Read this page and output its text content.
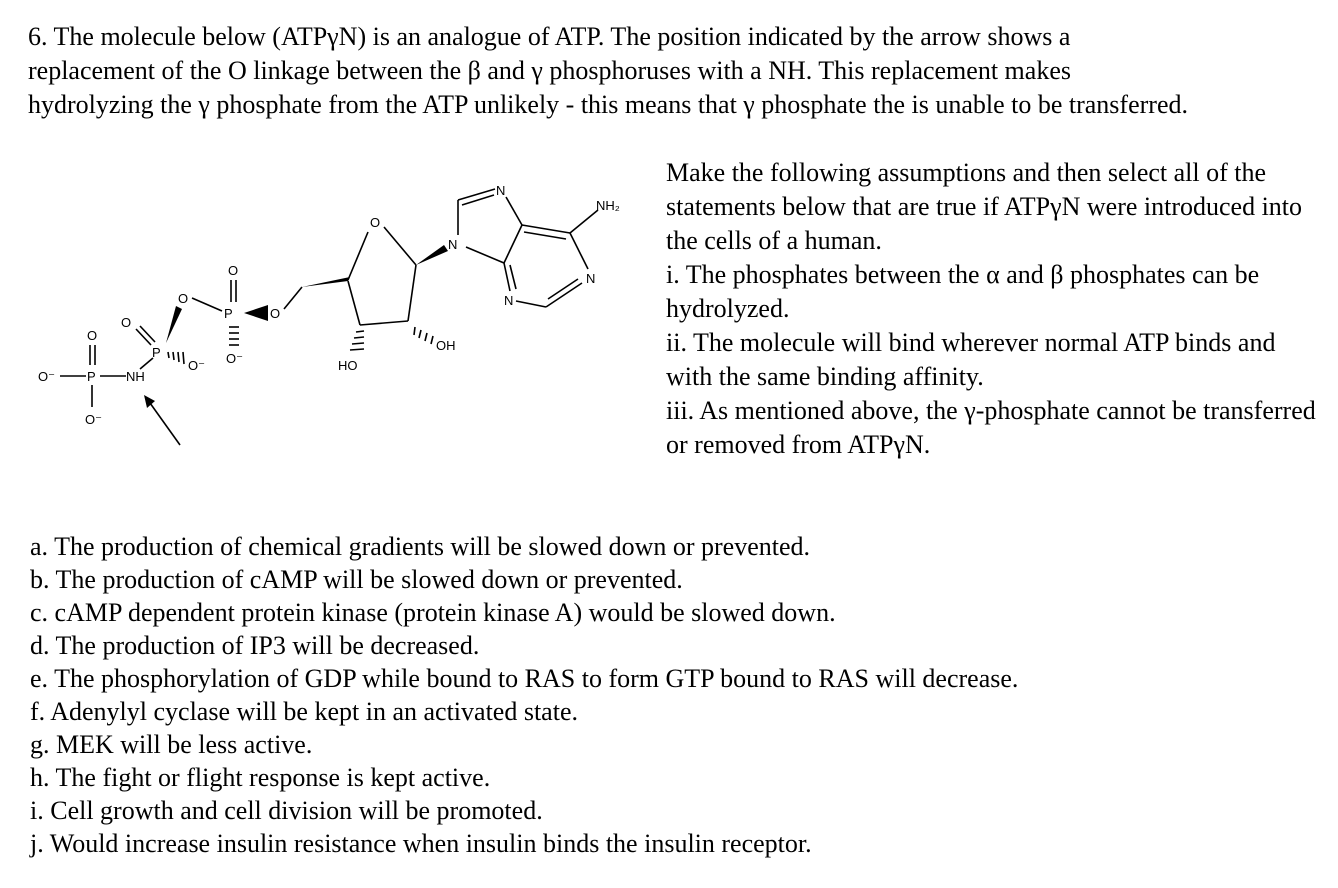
6. The molecule below (ATPγN) is an analogue of ATP. The position indicated by the arrow shows a

replacement of the O linkage between the β and γ phosphoruses with a NH. This replacement makes

hydrolyzing the γ phosphate from the ATP unlikely - this means that γ phosphate the is unable to be transferred.

O⁻ P
O
O⁻
NH
P
O
O⁻
O
P
O
O⁻
O
O
HO
OH
N
N
NH₂
N
N

Make the following assumptions and then select all of the statements below that are true if ATPγN were introduced into the cells of a human.

i. The phosphates between the α and β phosphates can be hydrolyzed.

ii. The molecule will bind wherever normal ATP binds and with the same binding affinity.

iii. As mentioned above, the γ-phosphate cannot be transferred or removed from ATPγN.

a. The production of chemical gradients will be slowed down or prevented.

b. The production of cAMP will be slowed down or prevented.

c. cAMP dependent protein kinase (protein kinase A) would be slowed down.

d. The production of IP3 will be decreased.

e. The phosphorylation of GDP while bound to RAS to form GTP bound to RAS will decrease.

f. Adenylyl cyclase will be kept in an activated state.

g. MEK will be less active.

h. The fight or flight response is kept active.

i. Cell growth and cell division will be promoted.

j. Would increase insulin resistance when insulin binds the insulin receptor.
